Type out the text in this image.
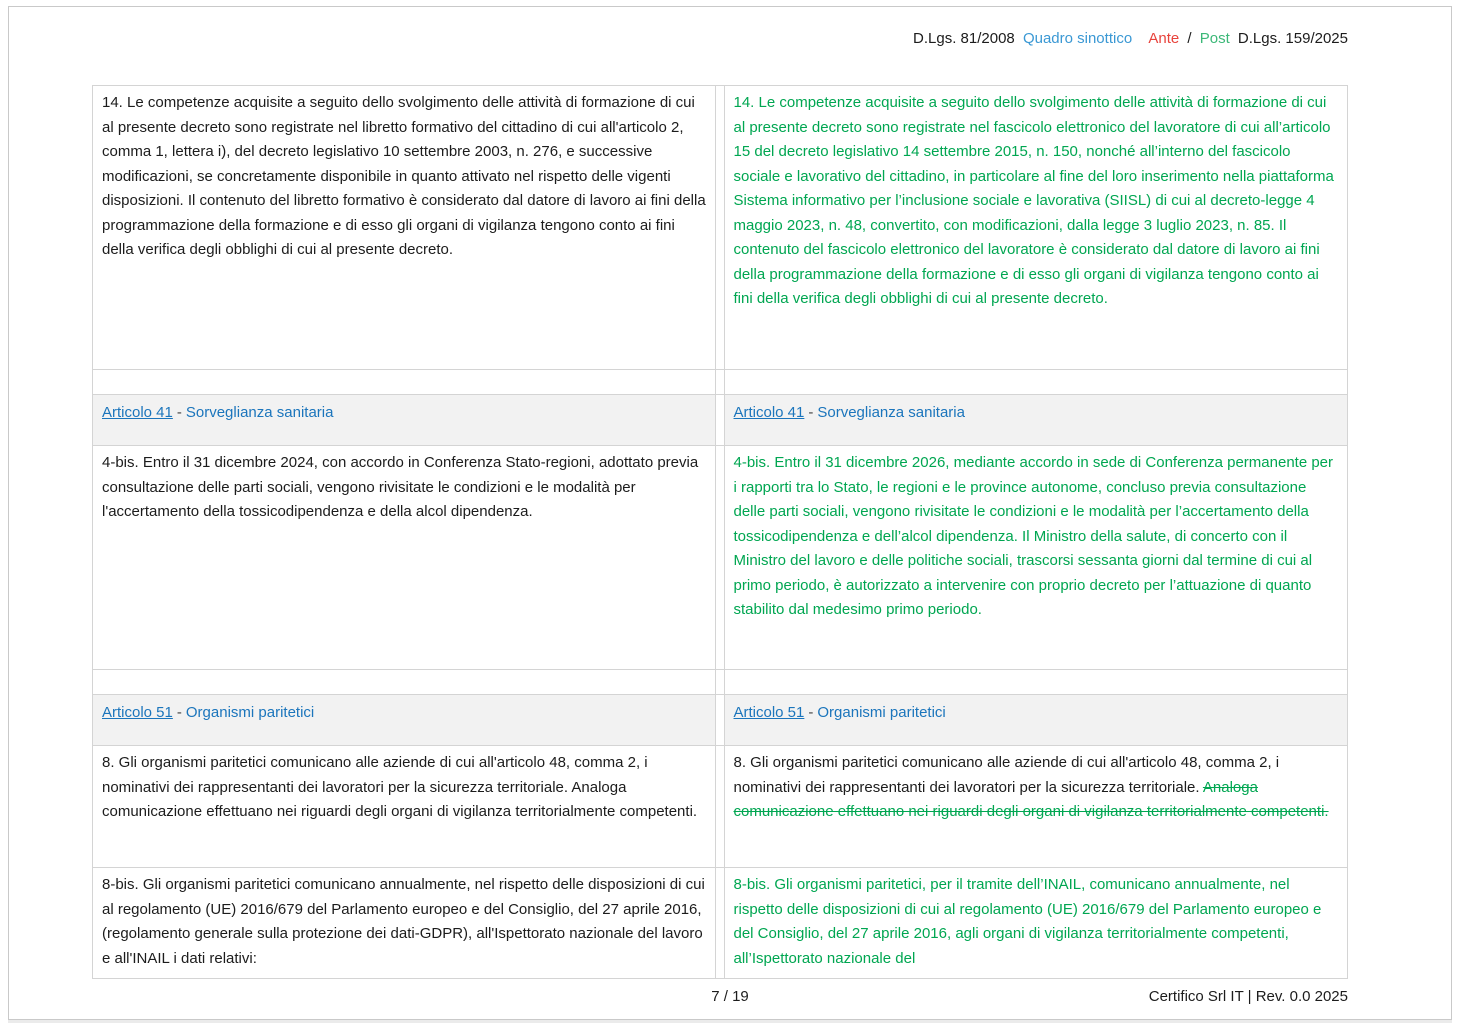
D.Lgs. 81/2008 Quadro sinottico Ante / Post D.Lgs. 159/2025
14. Le competenze acquisite a seguito dello svolgimento delle attività di formazione di cui al presente decreto sono registrate nel libretto formativo del cittadino di cui all'articolo 2, comma 1, lettera i), del decreto legislativo 10 settembre 2003, n. 276, e successive modificazioni, se concretamente disponibile in quanto attivato nel rispetto delle vigenti disposizioni. Il contenuto del libretto formativo è considerato dal datore di lavoro ai fini della programmazione della formazione e di esso gli organi di vigilanza tengono conto ai fini della verifica degli obblighi di cui al presente decreto.		14. Le competenze acquisite a seguito dello svolgimento delle attività di formazione di cui al presente decreto sono registrate nel fascicolo elettronico del lavoratore di cui all’articolo 15 del decreto legislativo 14 settembre 2015, n. 150, nonché all’interno del fascicolo sociale e lavorativo del cittadino, in particolare al fine del loro inserimento nella piattaforma Sistema informativo per l’inclusione sociale e lavorativa (SIISL) di cui al decreto-legge 4 maggio 2023, n. 48, convertito, con modificazioni, dalla legge 3 luglio 2023, n. 85. Il contenuto del fascicolo elettronico del lavoratore è considerato dal datore di lavoro ai fini della programmazione della formazione e di esso gli organi di vigilanza tengono conto ai fini della verifica degli obblighi di cui al presente decreto.

Articolo 41 - Sorveglianza sanitaria		Articolo 41 - Sorveglianza sanitaria
4-bis. Entro il 31 dicembre 2024, con accordo in Conferenza Stato-regioni, adottato previa consultazione delle parti sociali, vengono rivisitate le condizioni e le modalità per l'accertamento della tossicodipendenza e della alcol dipendenza.		4-bis. Entro il 31 dicembre 2026, mediante accordo in sede di Conferenza permanente per i rapporti tra lo Stato, le regioni e le province autonome, concluso previa consultazione delle parti sociali, vengono rivisitate le condizioni e le modalità per l’accertamento della tossicodipendenza e dell’alcol dipendenza. Il Ministro della salute, di concerto con il Ministro del lavoro e delle politiche sociali, trascorsi sessanta giorni dal termine di cui al primo periodo, è autorizzato a intervenire con proprio decreto per l’attuazione di quanto stabilito dal medesimo primo periodo.

Articolo 51 - Organismi paritetici		Articolo 51 - Organismi paritetici
8. Gli organismi paritetici comunicano alle aziende di cui all'articolo 48, comma 2, i nominativi dei rappresentanti dei lavoratori per la sicurezza territoriale. Analoga comunicazione effettuano nei riguardi degli organi di vigilanza territorialmente competenti.		8. Gli organismi paritetici comunicano alle aziende di cui all'articolo 48, comma 2, i nominativi dei rappresentanti dei lavoratori per la sicurezza territoriale. Analoga comunicazione effettuano nei riguardi degli organi di vigilanza territorialmente competenti.
8-bis. Gli organismi paritetici comunicano annualmente, nel rispetto delle disposizioni di cui al regolamento (UE) 2016/679 del Parlamento europeo e del Consiglio, del 27 aprile 2016, (regolamento generale sulla protezione dei dati-GDPR), all'Ispettorato nazionale del lavoro e all'INAIL i dati relativi:		8-bis. Gli organismi paritetici, per il tramite dell’INAIL, comunicano annualmente, nel rispetto delle disposizioni di cui al regolamento (UE) 2016/679 del Parlamento europeo e del Consiglio, del 27 aprile 2016, agli organi di vigilanza territorialmente competenti, all’Ispettorato nazionale del
7 / 19	Certifico Srl IT | Rev. 0.0 2025
